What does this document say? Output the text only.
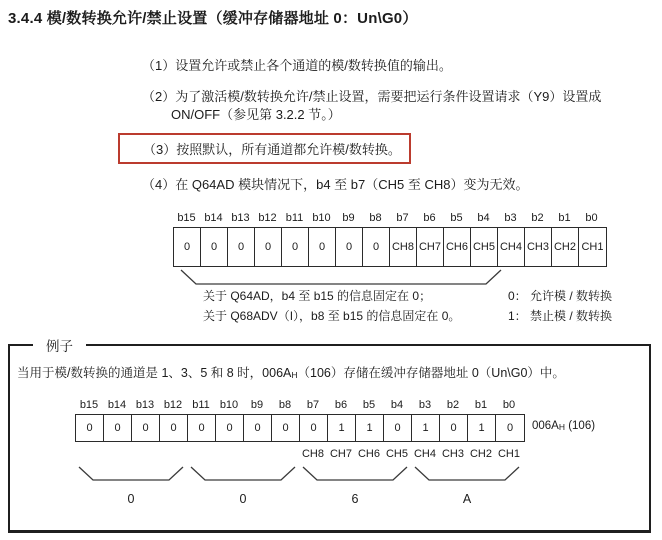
3.4.4 模/数转换允许/禁止设置（缓冲存储器地址 0：Un\G0）
（1）设置允许或禁止各个通道的模/数转换值的输出。
（2）为了激活模/数转换允许/禁止设置，需要把运行条件设置请求（Y9）设置成
ON/OFF（参见第 3.2.2 节。）
（3）按照默认，所有通道都允许模/数转换。
（4）在 Q64AD 模块情况下，b4 至 b7（CH5 至 CH8）变为无效。
b15 b14 b13 b12 b11 b10	b9	b8	b7	b6	b5	b4	b3	b2	b1	b0
0	0	0	0	0	0	0	0	CH8 CH7 CH6 CH5 CH4 CH3 CH2 CH1
关于 Q64AD，b4 至 b15 的信息固定在 0；
关于 Q68ADV（I），b8 至 b15 的信息固定在 0。
0： 允许模 / 数转换
1： 禁止模 / 数转换
例子
当用于模/数转换的通道是 1、3、5 和 8 时，006AH（106）存储在缓冲存储器地址 0（Un\G0）中。
b15 b14 b13 b12 b11 b10	b9	b8	b7	b6	b5	b4	b3	b2	b1	b0
0	0	0	0	0	0	0	0	0	1	1	0	1	0	1	0	006AH (106)
CH8 CH7 CH6 CH5 CH4 CH3 CH2 CH1
0	0	6	A
